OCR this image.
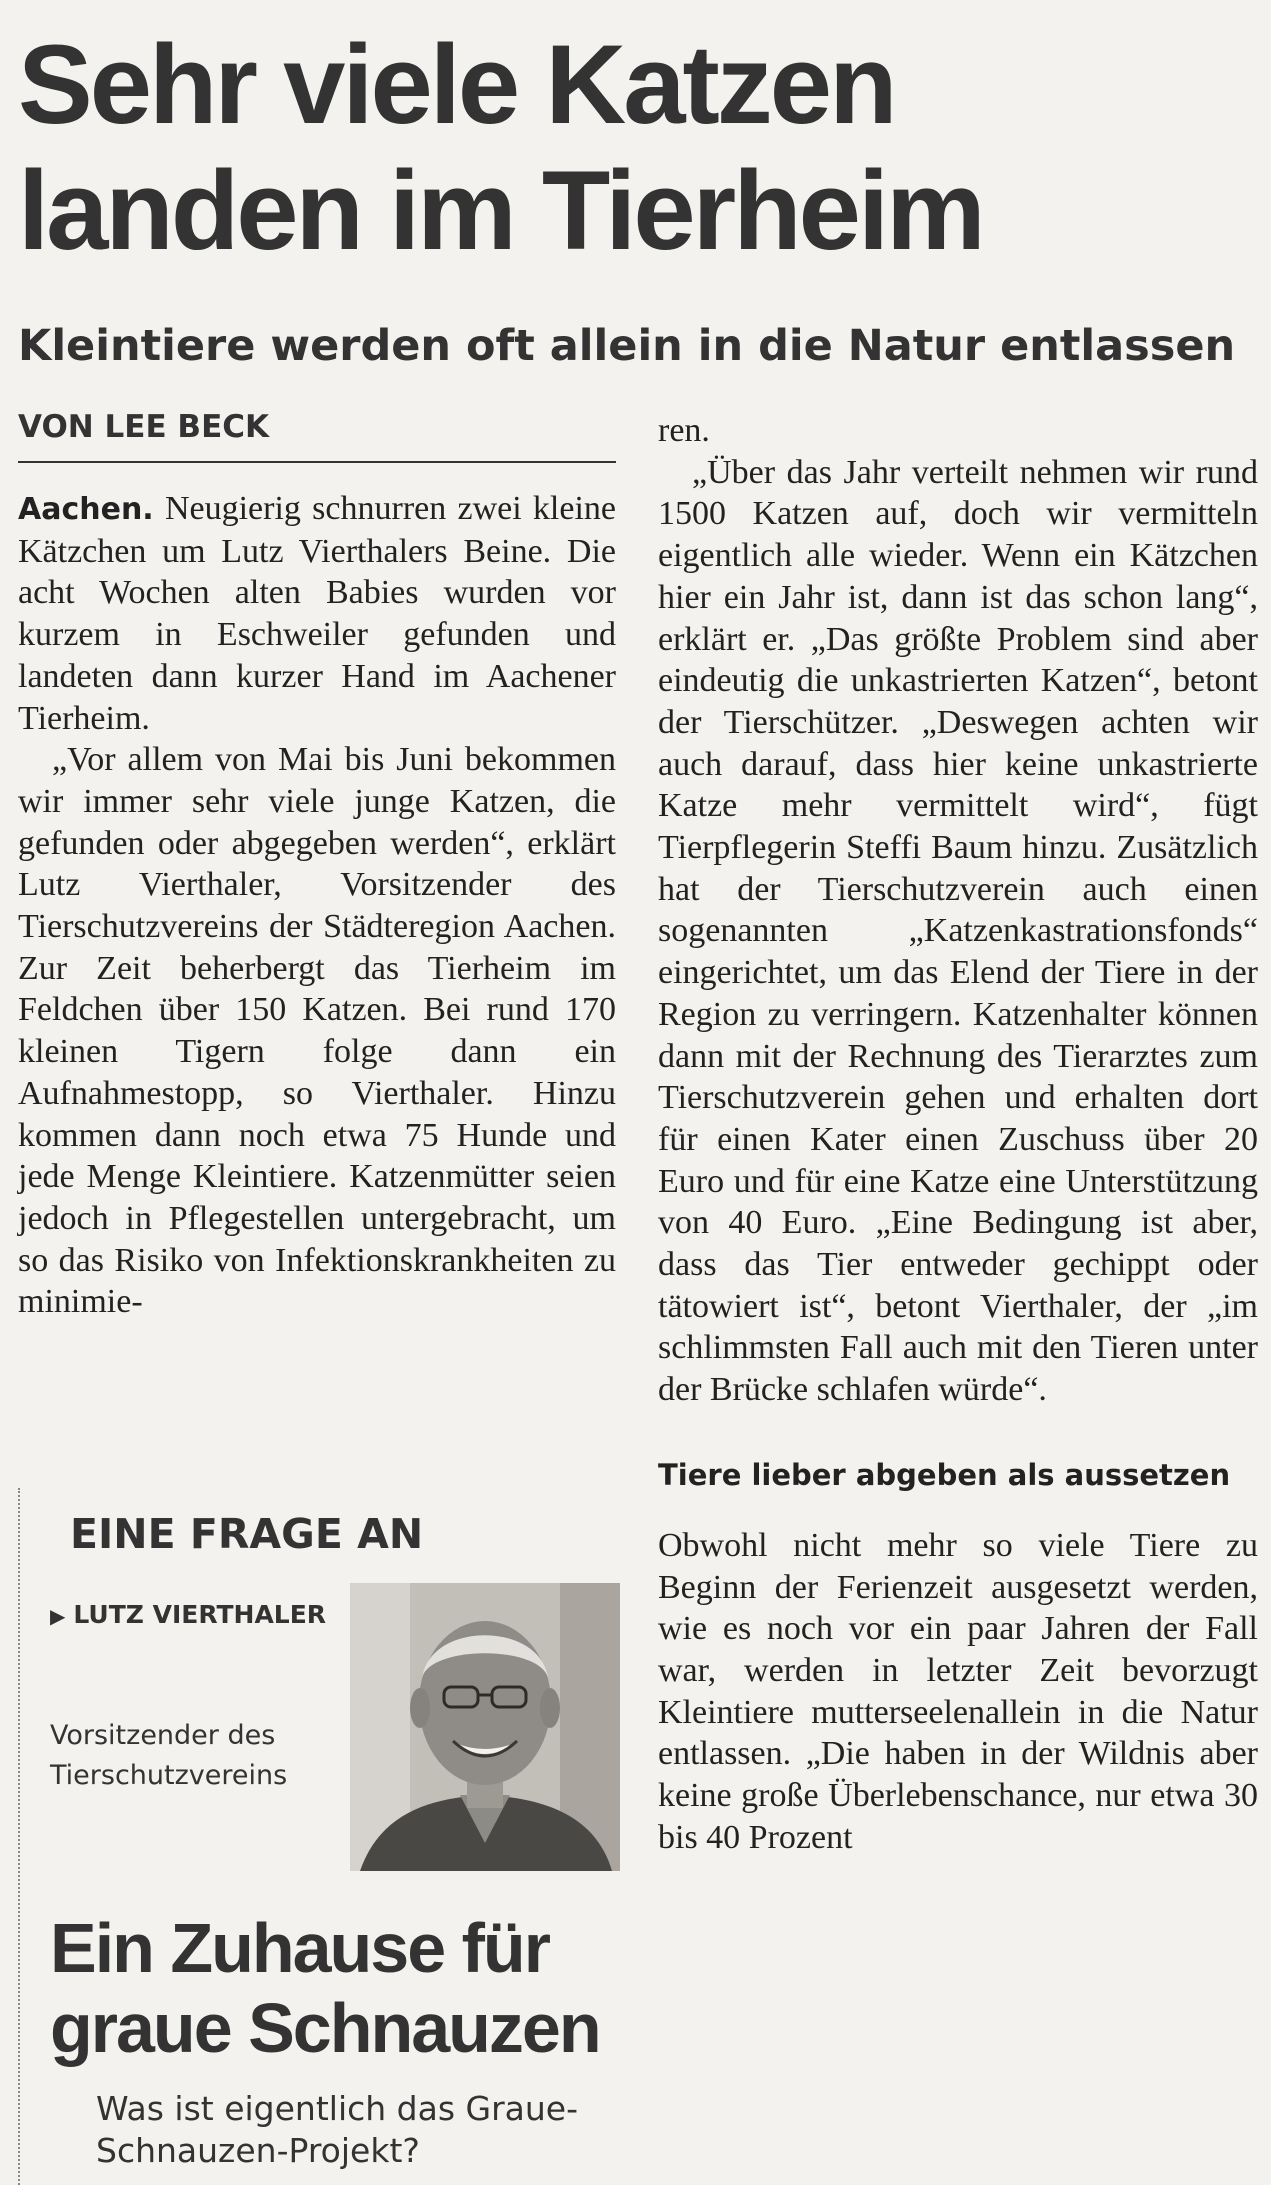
Sehr viele Katzen
landen im Tierheim
Kleintiere werden oft allein in die Natur entlassen
VON LEE BECK

Aachen. Neugierig schnurren zwei kleine Kätzchen um Lutz Vierthalers Beine. Die acht Wochen alten Babies wurden vor kurzem in Eschweiler gefunden und landeten dann kurzer Hand im Aachener Tierheim.

„Vor allem von Mai bis Juni bekommen wir immer sehr viele junge Katzen, die gefunden oder abgegeben werden“, erklärt Lutz Vierthaler, Vorsitzender des Tierschutzvereins der Städteregion Aachen. Zur Zeit beherbergt das Tierheim im Feldchen über 150 Katzen. Bei rund 170 kleinen Tigern folge dann ein Aufnahmestopp, so Vierthaler. Hinzu kommen dann noch etwa 75 Hunde und jede Menge Kleintiere. Katzenmütter seien jedoch in Pflegestellen untergebracht, um so das Risiko von Infektionskrankheiten zu minimie-

ren.

„Über das Jahr verteilt nehmen wir rund 1500 Katzen auf, doch wir vermitteln eigentlich alle wieder. Wenn ein Kätzchen hier ein Jahr ist, dann ist das schon lang“, erklärt er. „Das größte Problem sind aber eindeutig die unkastrierten Katzen“, betont der Tierschützer. „Deswegen achten wir auch darauf, dass hier keine unkastrierte Katze mehr vermittelt wird“, fügt Tierpflegerin Steffi Baum hinzu. Zusätzlich hat der Tierschutzverein auch einen sogenannten „Katzenkastrationsfonds“ eingerichtet, um das Elend der Tiere in der Region zu verringern. Katzenhalter können dann mit der Rechnung des Tierarztes zum Tierschutzverein gehen und erhalten dort für einen Kater einen Zuschuss über 20 Euro und für eine Katze eine Unterstützung von 40 Euro. „Eine Bedingung ist aber, dass das Tier entweder gechippt oder tätowiert ist“, betont Vierthaler, der „im schlimmsten Fall auch mit den Tieren unter der Brücke schlafen würde“.

Tiere lieber abgeben als aussetzen

Obwohl nicht mehr so viele Tiere zu Beginn der Ferienzeit ausgesetzt werden, wie es noch vor ein paar Jahren der Fall war, werden in letzter Zeit bevorzugt Kleintiere mutterseelenallein in die Natur entlassen. „Die haben in der Wildnis aber keine große Überlebenschance, nur etwa 30 bis 40 Prozent

EINE FRAGE AN
▶ LUTZ VIERTHALER
Vorsitzender des Tierschutzvereins
Ein Zuhause für
graue Schnauzen
Was ist eigentlich das Graue-Schnauzen-Projekt?
